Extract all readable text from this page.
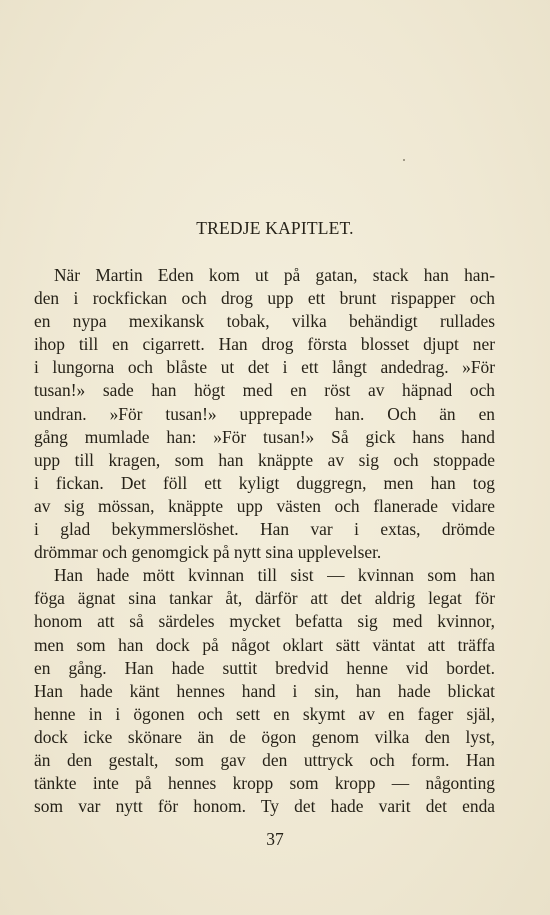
TREDJE KAPITLET.
När Martin Eden kom ut på gatan, stack han han-
den i rockfickan och drog upp ett brunt rispapper och
en nypa mexikansk tobak, vilka behändigt rullades
ihop till en cigarrett. Han drog första blosset djupt ner
i lungorna och blåste ut det i ett långt andedrag. »För
tusan!» sade han högt med en röst av häpnad och
undran. »För tusan!» upprepade han. Och än en
gång mumlade han: »För tusan!» Så gick hans hand
upp till kragen, som han knäppte av sig och stoppade
i fickan. Det föll ett kyligt duggregn, men han tog
av sig mössan, knäppte upp västen och flanerade vidare
i glad bekymmerslöshet. Han var i extas, drömde
drömmar och genomgick på nytt sina upplevelser.
Han hade mött kvinnan till sist — kvinnan som han
föga ägnat sina tankar åt, därför att det aldrig legat för
honom att så särdeles mycket befatta sig med kvinnor,
men som han dock på något oklart sätt väntat att träffa
en gång. Han hade suttit bredvid henne vid bordet.
Han hade känt hennes hand i sin, han hade blickat
henne in i ögonen och sett en skymt av en fager själ,
dock icke skönare än de ögon genom vilka den lyst,
än den gestalt, som gav den uttryck och form. Han
tänkte inte på hennes kropp som kropp — någonting
som var nytt för honom. Ty det hade varit det enda
37
